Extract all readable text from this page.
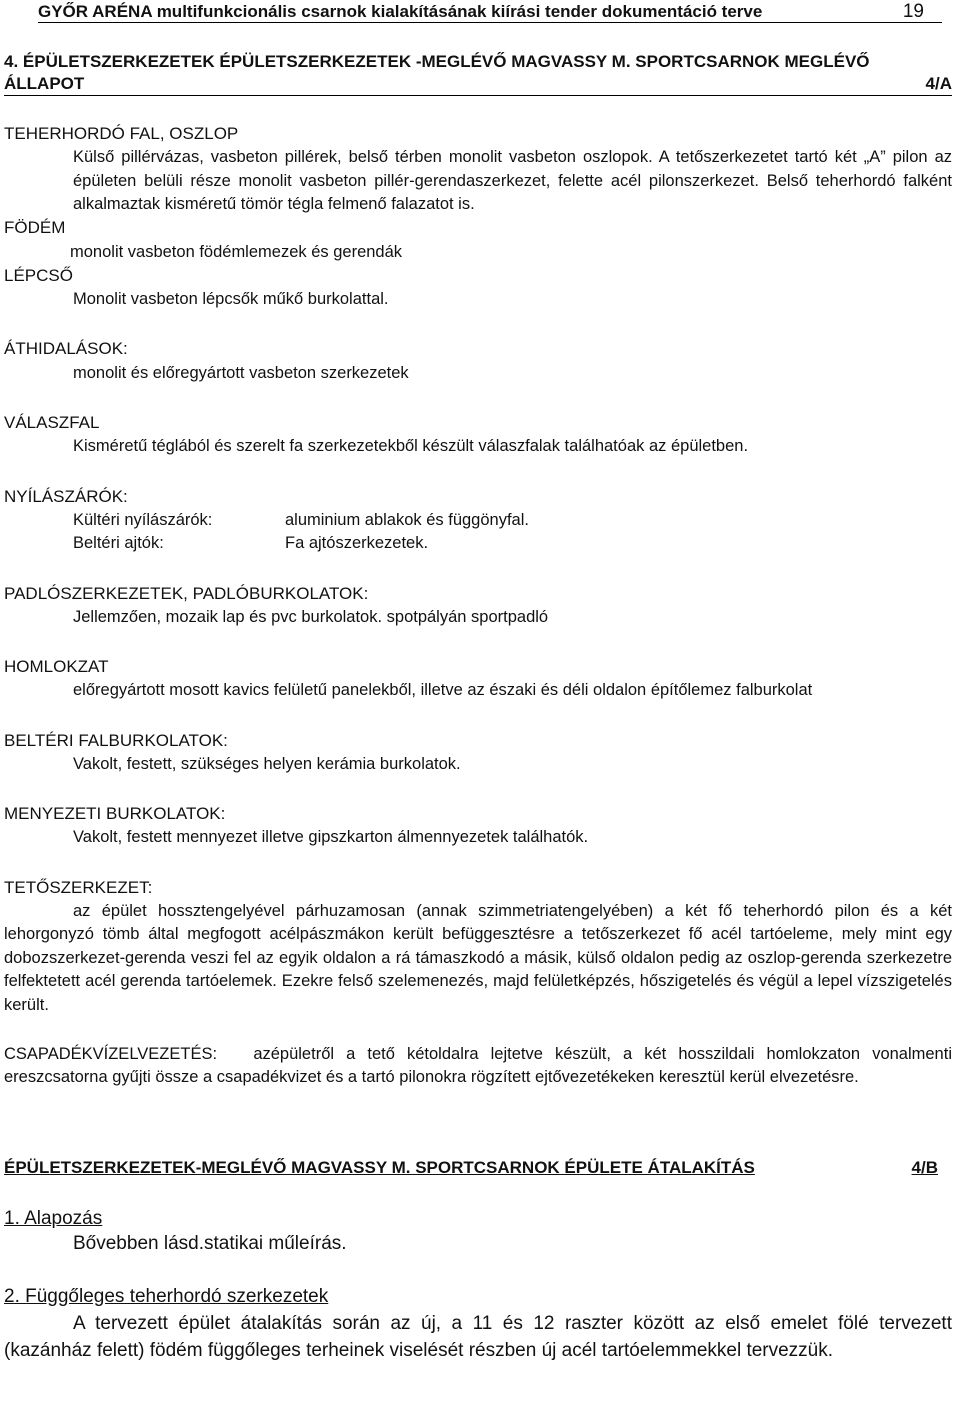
GYŐR ARÉNA multifunkcionális csarnok kialakításának kiírási tender dokumentáció terve	19
4. ÉPÜLETSZERKEZETEK ÉPÜLETSZERKEZETEK -MEGLÉVŐ MAGVASSY M. SPORTCSARNOK MEGLÉVŐ
ÁLLAPOT	4/A

TEHERHORDÓ FAL, OSZLOP

Külső pillérvázas, vasbeton pillérek, belső térben monolit vasbeton oszlopok. A tetőszerkezetet tartó két „A” pilon az épületen belüli része monolit vasbeton pillér-gerendaszerkezet, felette acél pilonszerkezet. Belső teherhordó falként alkalmaztak kisméretű tömör tégla felmenő falazatot is.

FÖDÉM

monolit vasbeton födémlemezek és gerendák

LÉPCSŐ

Monolit vasbeton lépcsők műkő burkolattal.

ÁTHIDALÁSOK:

monolit és előregyártott vasbeton szerkezetek

VÁLASZFAL

Kisméretű téglából és szerelt fa szerkezetekből készült válaszfalak találhatóak az épületben.

NYÍLÁSZÁRÓK:

Kültéri nyílászárók:	aluminium ablakok és függönyfal.
Beltéri ajtók:	Fa ajtószerkezetek.

PADLÓSZERKEZETEK, PADLÓBURKOLATOK:

Jellemzően, mozaik lap és pvc burkolatok. spotpályán sportpadló

HOMLOKZAT

előregyártott mosott kavics felületű panelekből, illetve az északi és déli oldalon építőlemez falburkolat

BELTÉRI FALBURKOLATOK:

Vakolt, festett, szükséges helyen kerámia burkolatok.

MENYEZETI BURKOLATOK:

Vakolt, festett mennyezet illetve gipszkarton álmennyezetek találhatók.

TETŐSZERKEZET:

az épület hossztengelyével párhuzamosan (annak szimmetriatengelyében) a két fő teherhordó pilon és a két lehorgonyzó tömb által megfogott acélpászmákon került befüggesztésre a tetőszerkezet fő acél tartóeleme, mely mint egy dobozszerkezet-gerenda veszi fel az egyik oldalon a rá támaszkodó a másik, külső oldalon pedig az oszlop-gerenda szerkezetre felfektetett acél gerenda tartóelemek. Ezekre felső szelemenezés, majd felületképzés, hőszigetelés és végül a lepel vízszigetelés került.

CSAPADÉKVÍZELVEZETÉS: azépületről a tető kétoldalra lejtetve készült, a két hosszildali homlokzaton vonalmenti ereszcsatorna gyűjti össze a csapadékvizet és a tartó pilonokra rögzített ejtővezetékeken keresztül kerül elvezetésre.

ÉPÜLETSZERKEZETEK-MEGLÉVŐ MAGVASSY M. SPORTCSARNOK ÉPÜLETE ÁTALAKÍTÁS	4/B

1. Alapozás

Bővebben lásd.statikai műleírás.

2. Függőleges teherhordó szerkezetek

A tervezett épület átalakítás során az új, a 11 és 12 raszter között az első emelet fölé tervezett (kazánház felett) födém függőleges terheinek viselését részben új acél tartóelemmekkel tervezzük.
